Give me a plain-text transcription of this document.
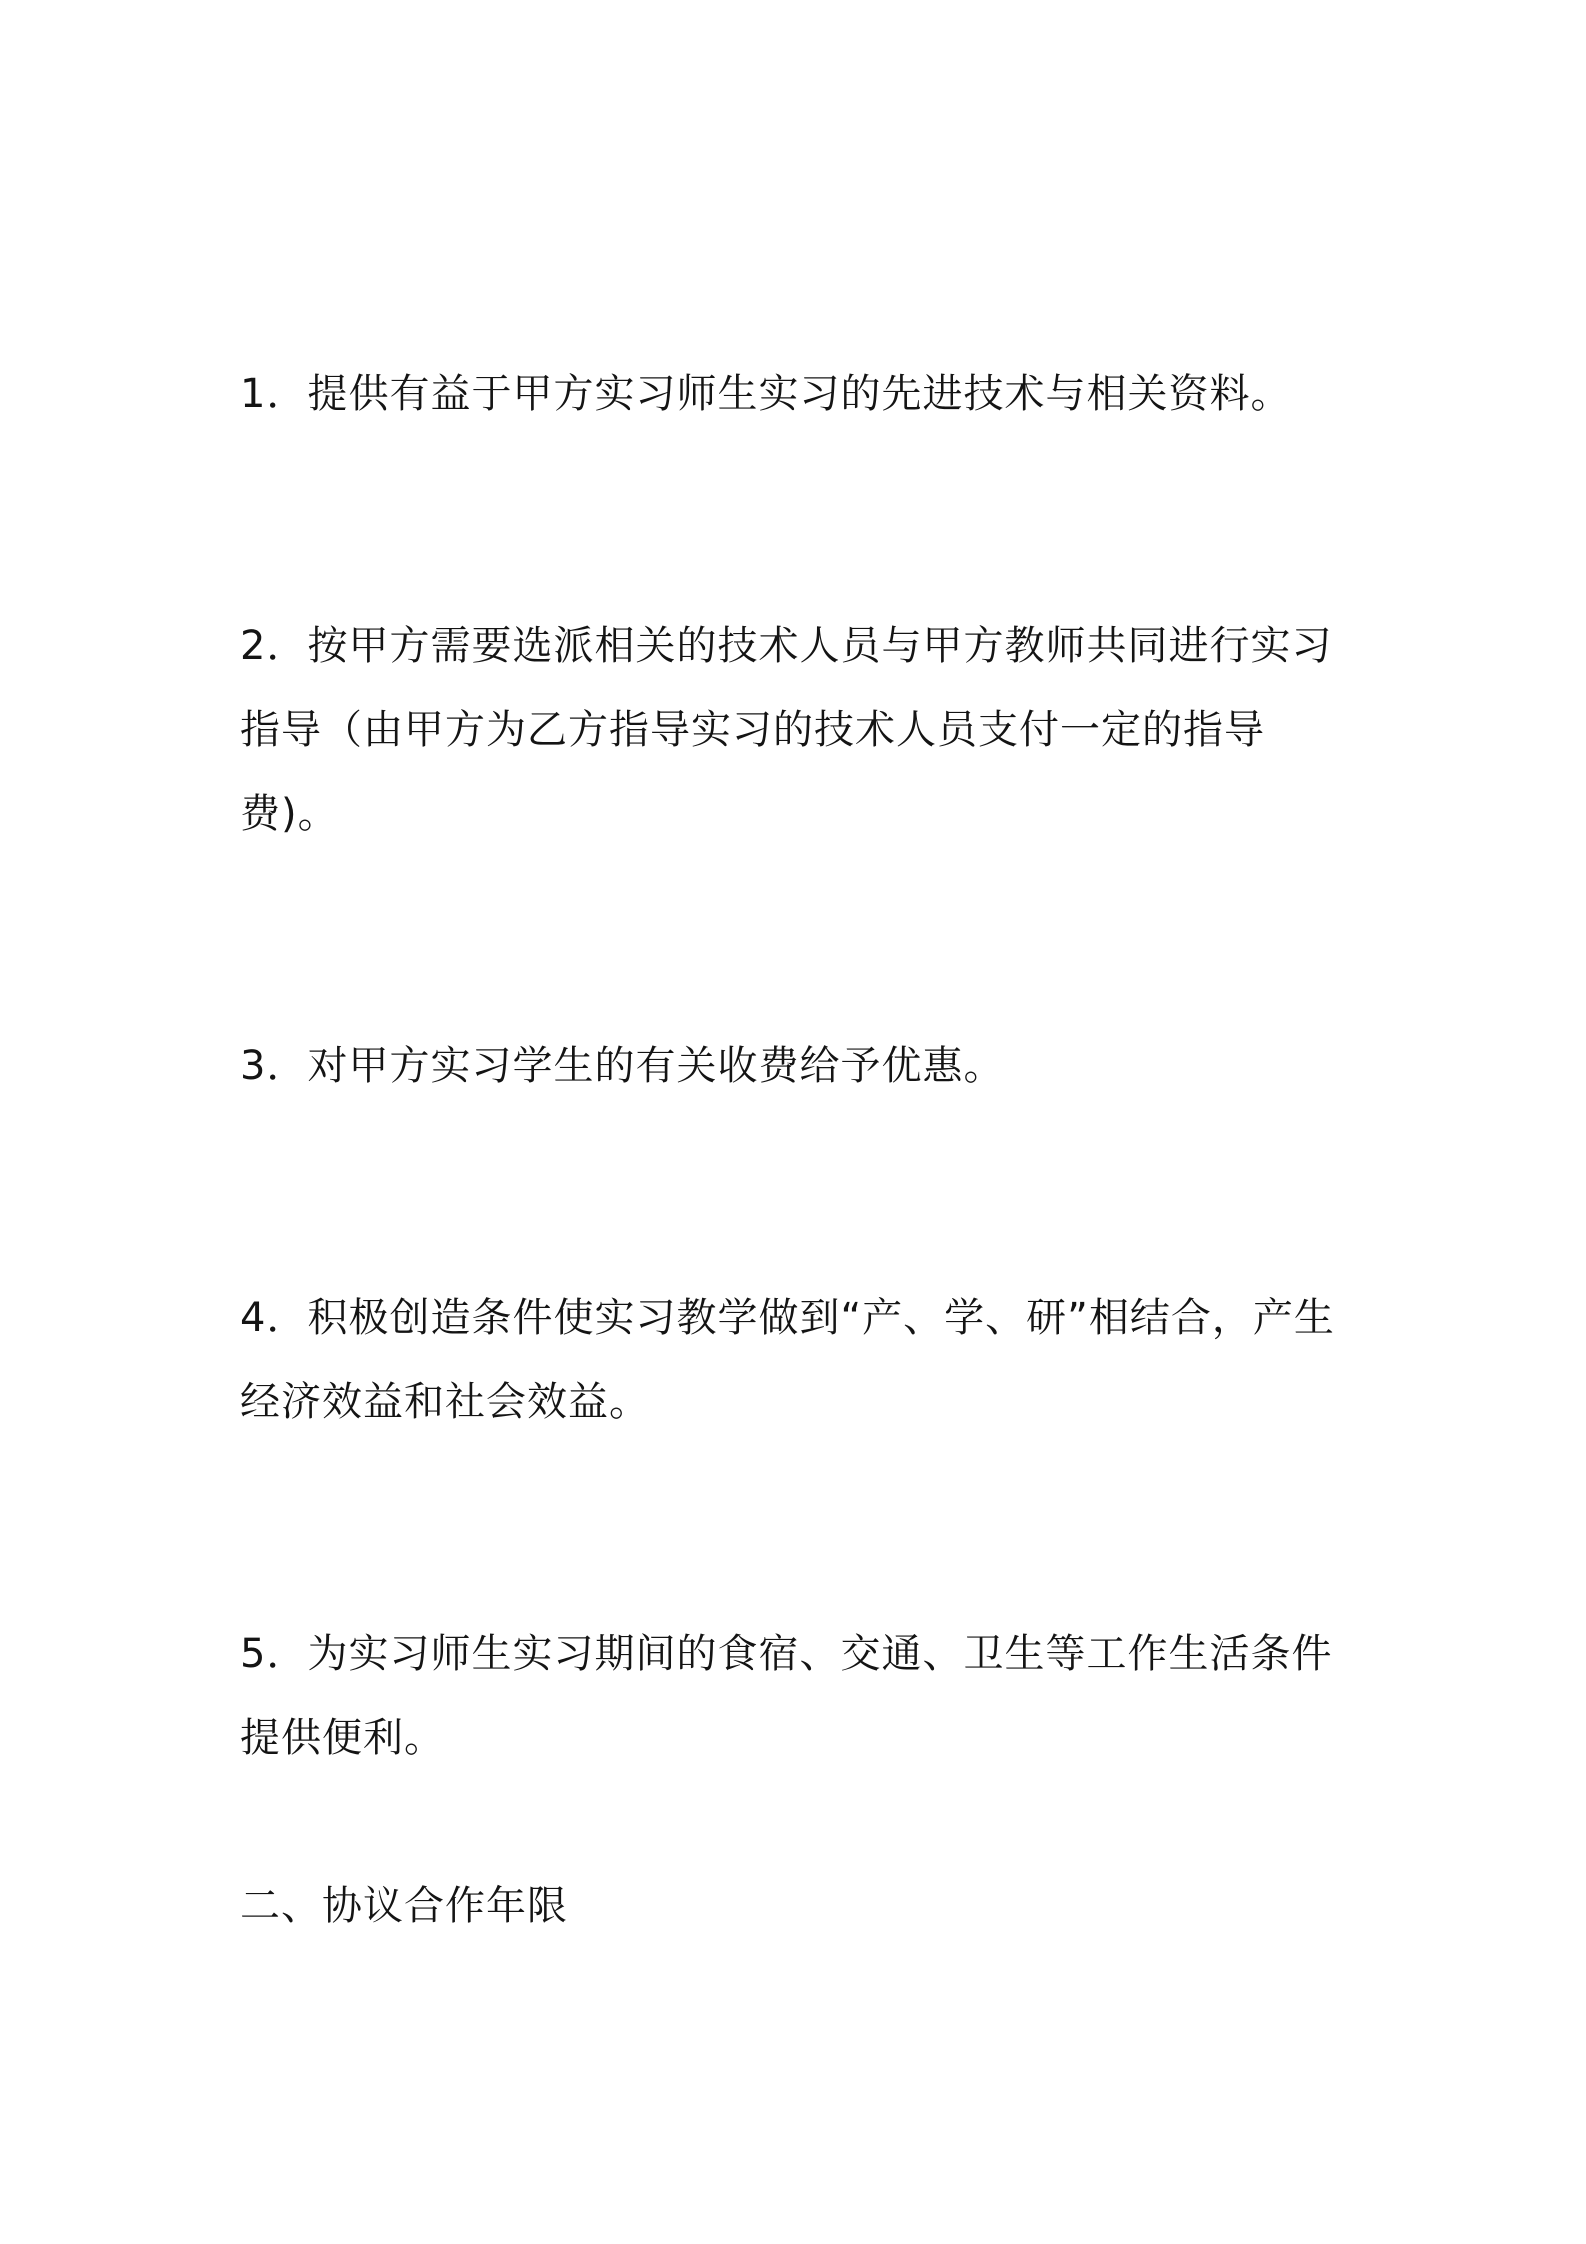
1．提供有益于甲方实习师生实习的先进技术与相关资料。

2．按甲方需要选派相关的技术人员与甲方教师共同进行实习指导（由甲方为乙方指导实习的技术人员支付一定的指导费)。

3．对甲方实习学生的有关收费给予优惠。

4．积极创造条件使实习教学做到“产、学、研”相结合，产生经济效益和社会效益。

5．为实习师生实习期间的食宿、交通、卫生等工作生活条件提供便利。

二、协议合作年限
